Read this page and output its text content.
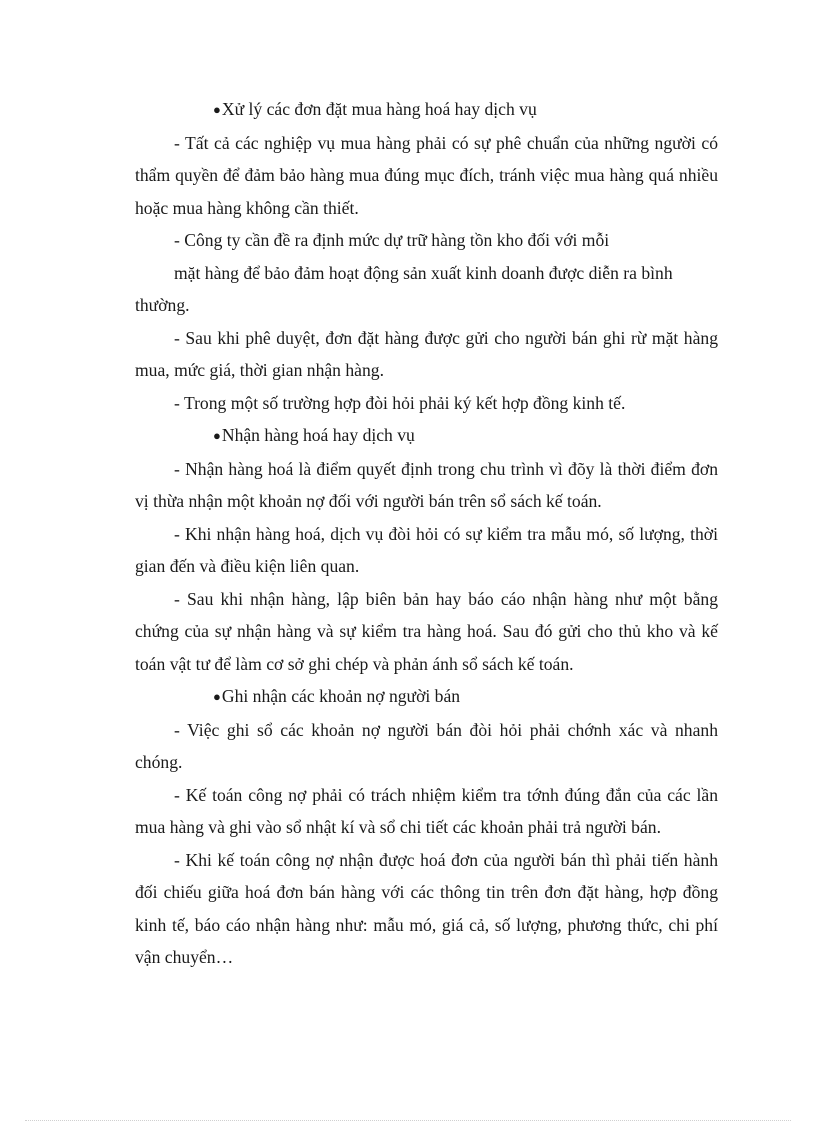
●Xử lý các đơn đặt mua hàng hoá hay dịch vụ

- Tất cả các nghiệp vụ mua hàng phải có sự phê chuẩn của những người có thẩm quyền để đảm bảo hàng mua đúng mục đích, tránh việc mua hàng quá nhiều hoặc mua hàng không cần thiết.

- Công ty cần đề ra định mức dự trữ hàng tồn kho đối với mỗi

mặt hàng để bảo đảm hoạt động sản xuất kinh doanh được diễn ra bình

thường.

- Sau khi phê duyệt, đơn đặt hàng được gửi cho người bán ghi rừ mặt hàng mua, mức giá, thời gian nhận hàng.

- Trong một số trường hợp đòi hỏi phải ký kết hợp đồng kinh tế.

●Nhận hàng hoá hay dịch vụ

- Nhận hàng hoá là điểm quyết định trong chu trình vì đõy là thời điểm đơn vị thừa nhận một khoản nợ đối với người bán trên sổ sách kế toán.

- Khi nhận hàng hoá, dịch vụ đòi hỏi có sự kiểm tra mẫu mó, số lượng, thời gian đến và điều kiện liên quan.

- Sau khi nhận hàng, lập biên bản hay báo cáo nhận hàng như một bằng chứng của sự nhận hàng và sự kiểm tra hàng hoá. Sau đó gửi cho thủ kho và kế toán vật tư để làm cơ sở ghi chép và phản ánh sổ sách kế toán.

●Ghi nhận các khoản nợ người bán

- Việc ghi sổ các khoản nợ người bán đòi hỏi phải chớnh xác và nhanh chóng.

- Kế toán công nợ phải có trách nhiệm kiểm tra tớnh đúng đắn của các lần mua hàng và ghi vào sổ nhật kí và sổ chi tiết các khoản phải trả người bán.

- Khi kế toán công nợ nhận được hoá đơn của người bán thì phải tiến hành đối chiếu giữa hoá đơn bán hàng với các thông tin trên đơn đặt hàng, hợp đồng kinh tế, báo cáo nhận hàng như: mẫu mó, giá cả, số lượng, phương thức, chi phí vận chuyển…
